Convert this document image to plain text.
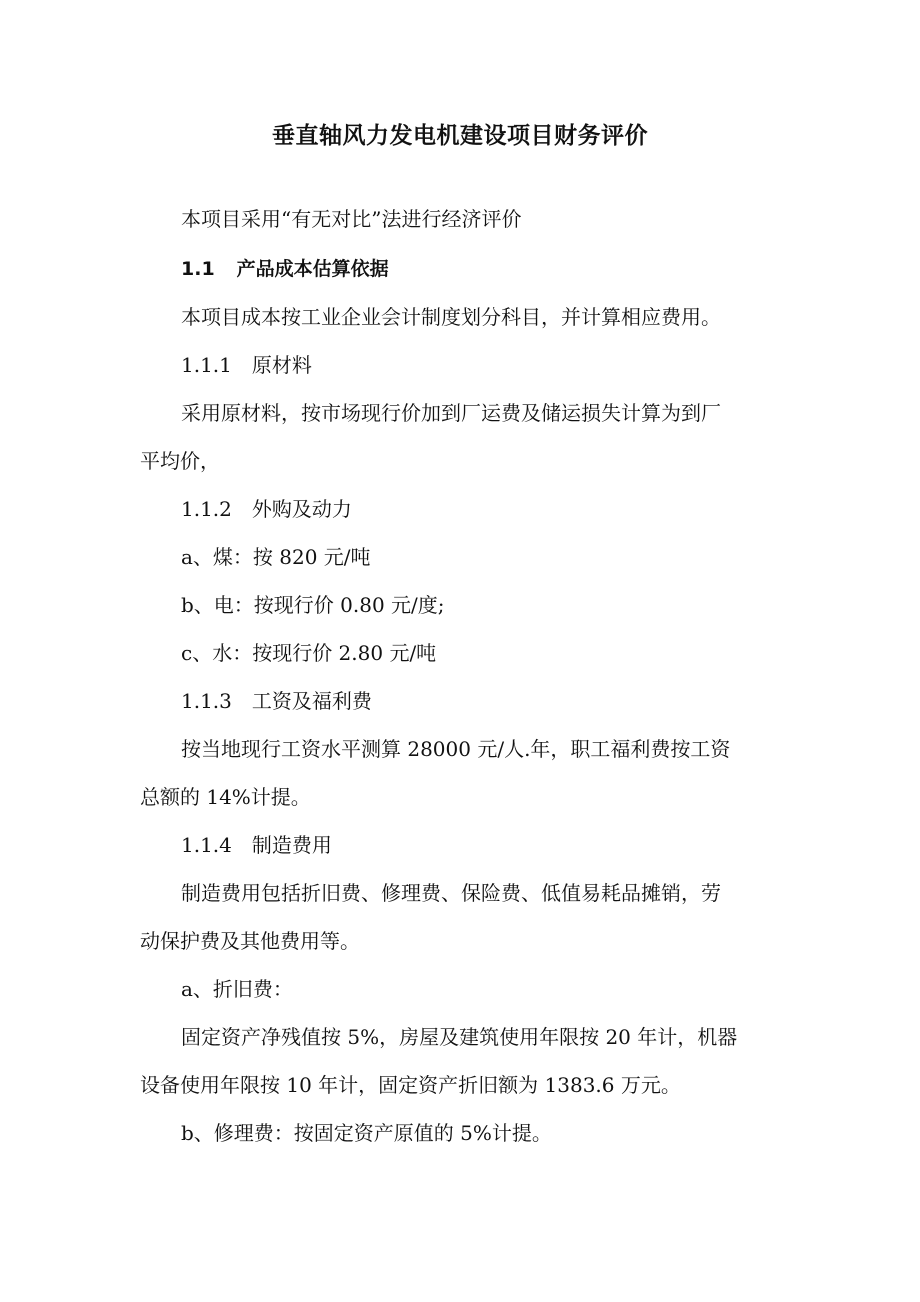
垂直轴风力发电机建设项目财务评价

本项目采用“有无对比”法进行经济评价

1.1 产品成本估算依据

本项目成本按工业企业会计制度划分科目，并计算相应费用。

1.1.1 原材料

采用原材料，按市场现行价加到厂运费及储运损失计算为到厂

平均价，

1.1.2 外购及动力

a、煤：按 820 元/吨

b、电：按现行价 0.80 元/度;

c、水：按现行价 2.80 元/吨

1.1.3 工资及福利费

按当地现行工资水平测算 28000 元/人.年，职工福利费按工资

总额的 14%计提。

1.1.4 制造费用

制造费用包括折旧费、修理费、保险费、低值易耗品摊销，劳

动保护费及其他费用等。

a、折旧费：

固定资产净残值按 5%，房屋及建筑使用年限按 20 年计，机器

设备使用年限按 10 年计，固定资产折旧额为 1383.6 万元。

b、修理费：按固定资产原值的 5%计提。
